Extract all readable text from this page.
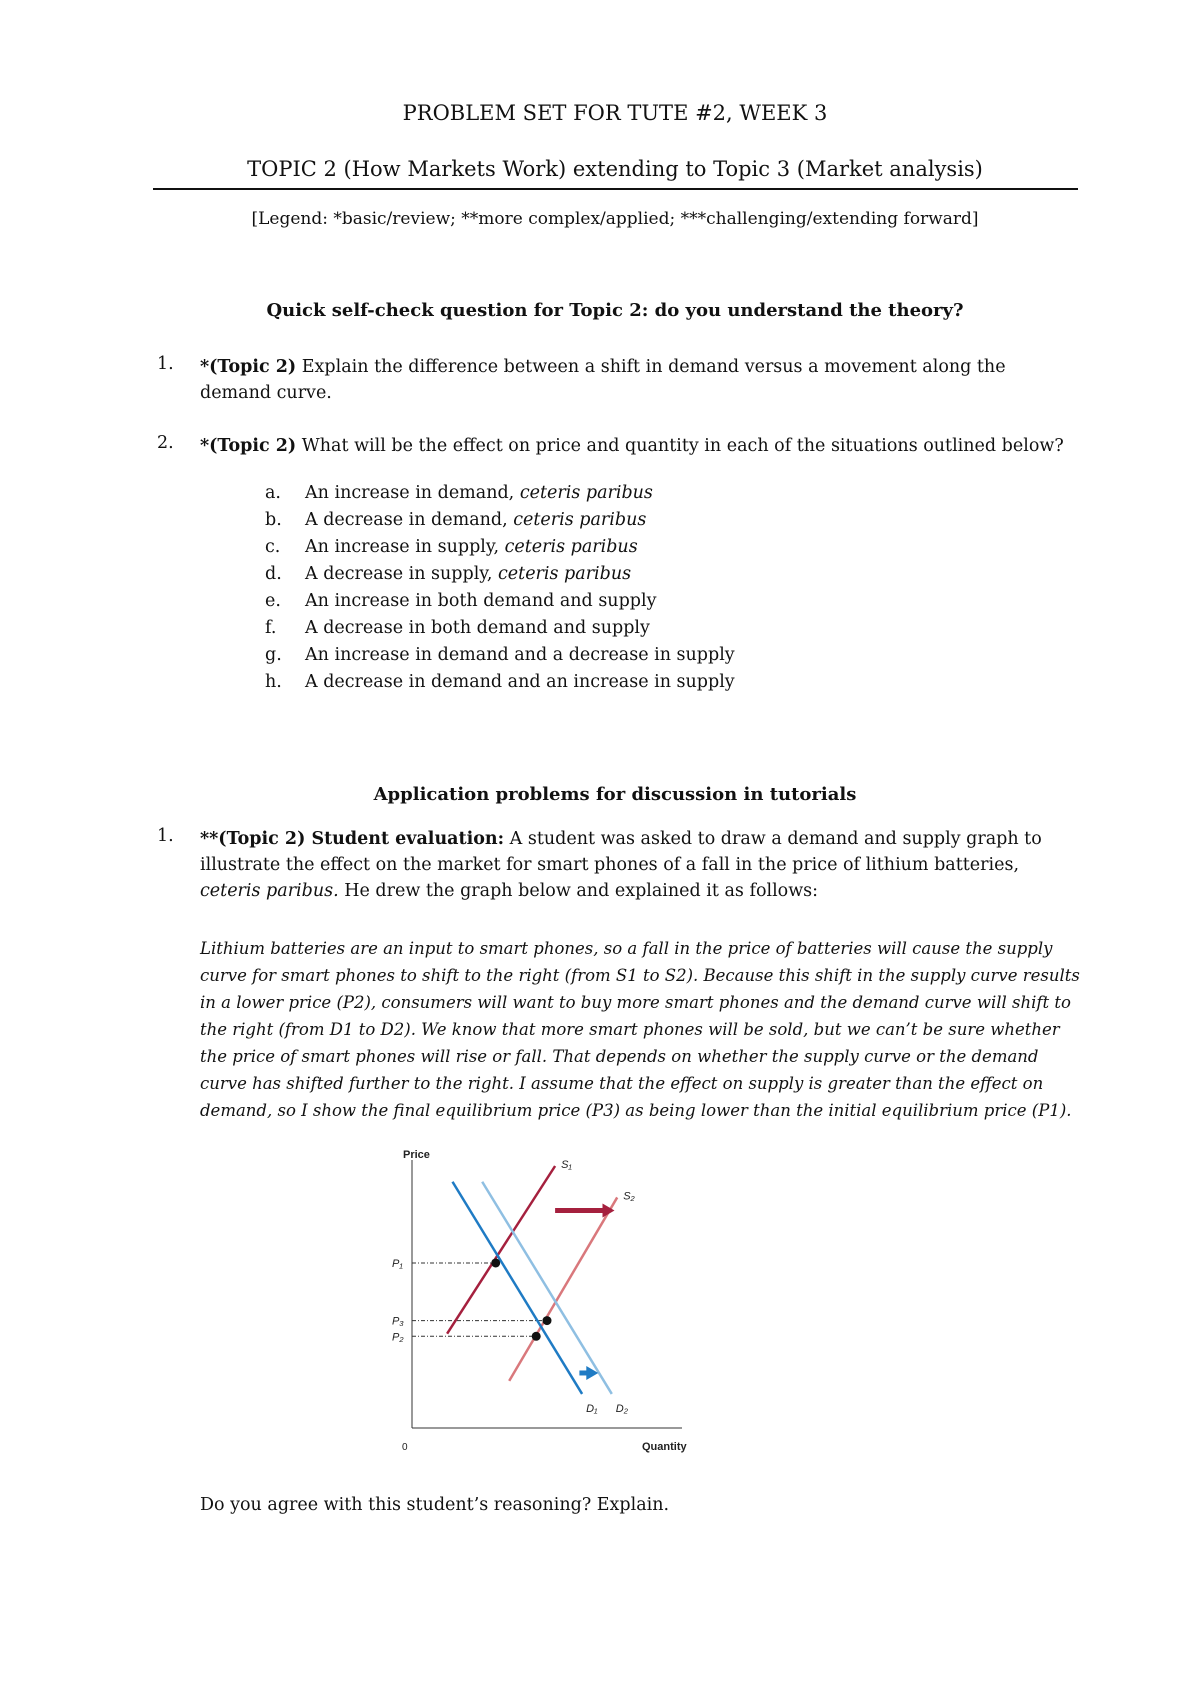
PROBLEM SET FOR TUTE #2, WEEK 3
TOPIC 2 (How Markets Work) extending to Topic 3 (Market analysis)
[Legend: *basic/review; **more complex/applied; ***challenging/extending forward]
Quick self-check question for Topic 2: do you understand the theory?
1. *(Topic 2) Explain the difference between a shift in demand versus a movement along the demand curve.
2. *(Topic 2) What will be the effect on price and quantity in each of the situations outlined below?
a. An increase in demand, ceteris paribus
b. A decrease in demand, ceteris paribus
c. An increase in supply, ceteris paribus
d. A decrease in supply, ceteris paribus
e. An increase in both demand and supply
f. A decrease in both demand and supply
g. An increase in demand and a decrease in supply
h. A decrease in demand and an increase in supply
Application problems for discussion in tutorials
1. **(Topic 2) Student evaluation: A student was asked to draw a demand and supply graph to illustrate the effect on the market for smart phones of a fall in the price of lithium batteries, ceteris paribus. He drew the graph below and explained it as follows:
Lithium batteries are an input to smart phones, so a fall in the price of batteries will cause the supply curve for smart phones to shift to the right (from S1 to S2). Because this shift in the supply curve results in a lower price (P2), consumers will want to buy more smart phones and the demand curve will shift to the right (from D1 to D2). We know that more smart phones will be sold, but we can’t be sure whether the price of smart phones will rise or fall. That depends on whether the supply curve or the demand curve has shifted further to the right. I assume that the effect on supply is greater than the effect on demand, so I show the final equilibrium price (P3) as being lower than the initial equilibrium price (P1).
Price
Quantity
0
P₁
P₃
P₂
S₁
S₂
D₁ D₂
Do you agree with this student’s reasoning? Explain.
